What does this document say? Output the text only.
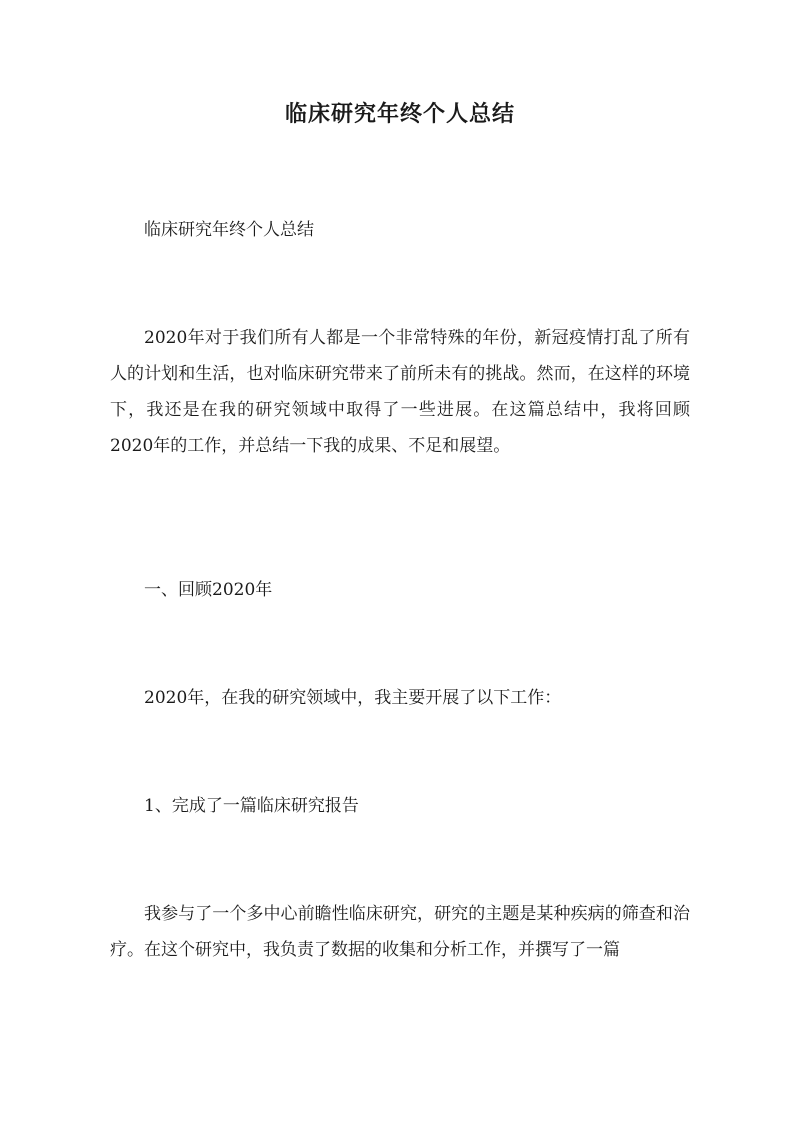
临床研究年终个人总结

临床研究年终个人总结

2020年对于我们所有人都是一个非常特殊的年份，新冠疫情打乱了所有人的计划和生活，也对临床研究带来了前所未有的挑战。然而，在这样的环境下，我还是在我的研究领域中取得了一些进展。在这篇总结中，我将回顾2020年的工作，并总结一下我的成果、不足和展望。

一、回顾2020年

2020年，在我的研究领域中，我主要开展了以下工作：

1、完成了一篇临床研究报告

我参与了一个多中心前瞻性临床研究，研究的主题是某种疾病的筛查和治疗。在这个研究中，我负责了数据的收集和分析工作，并撰写了一篇
